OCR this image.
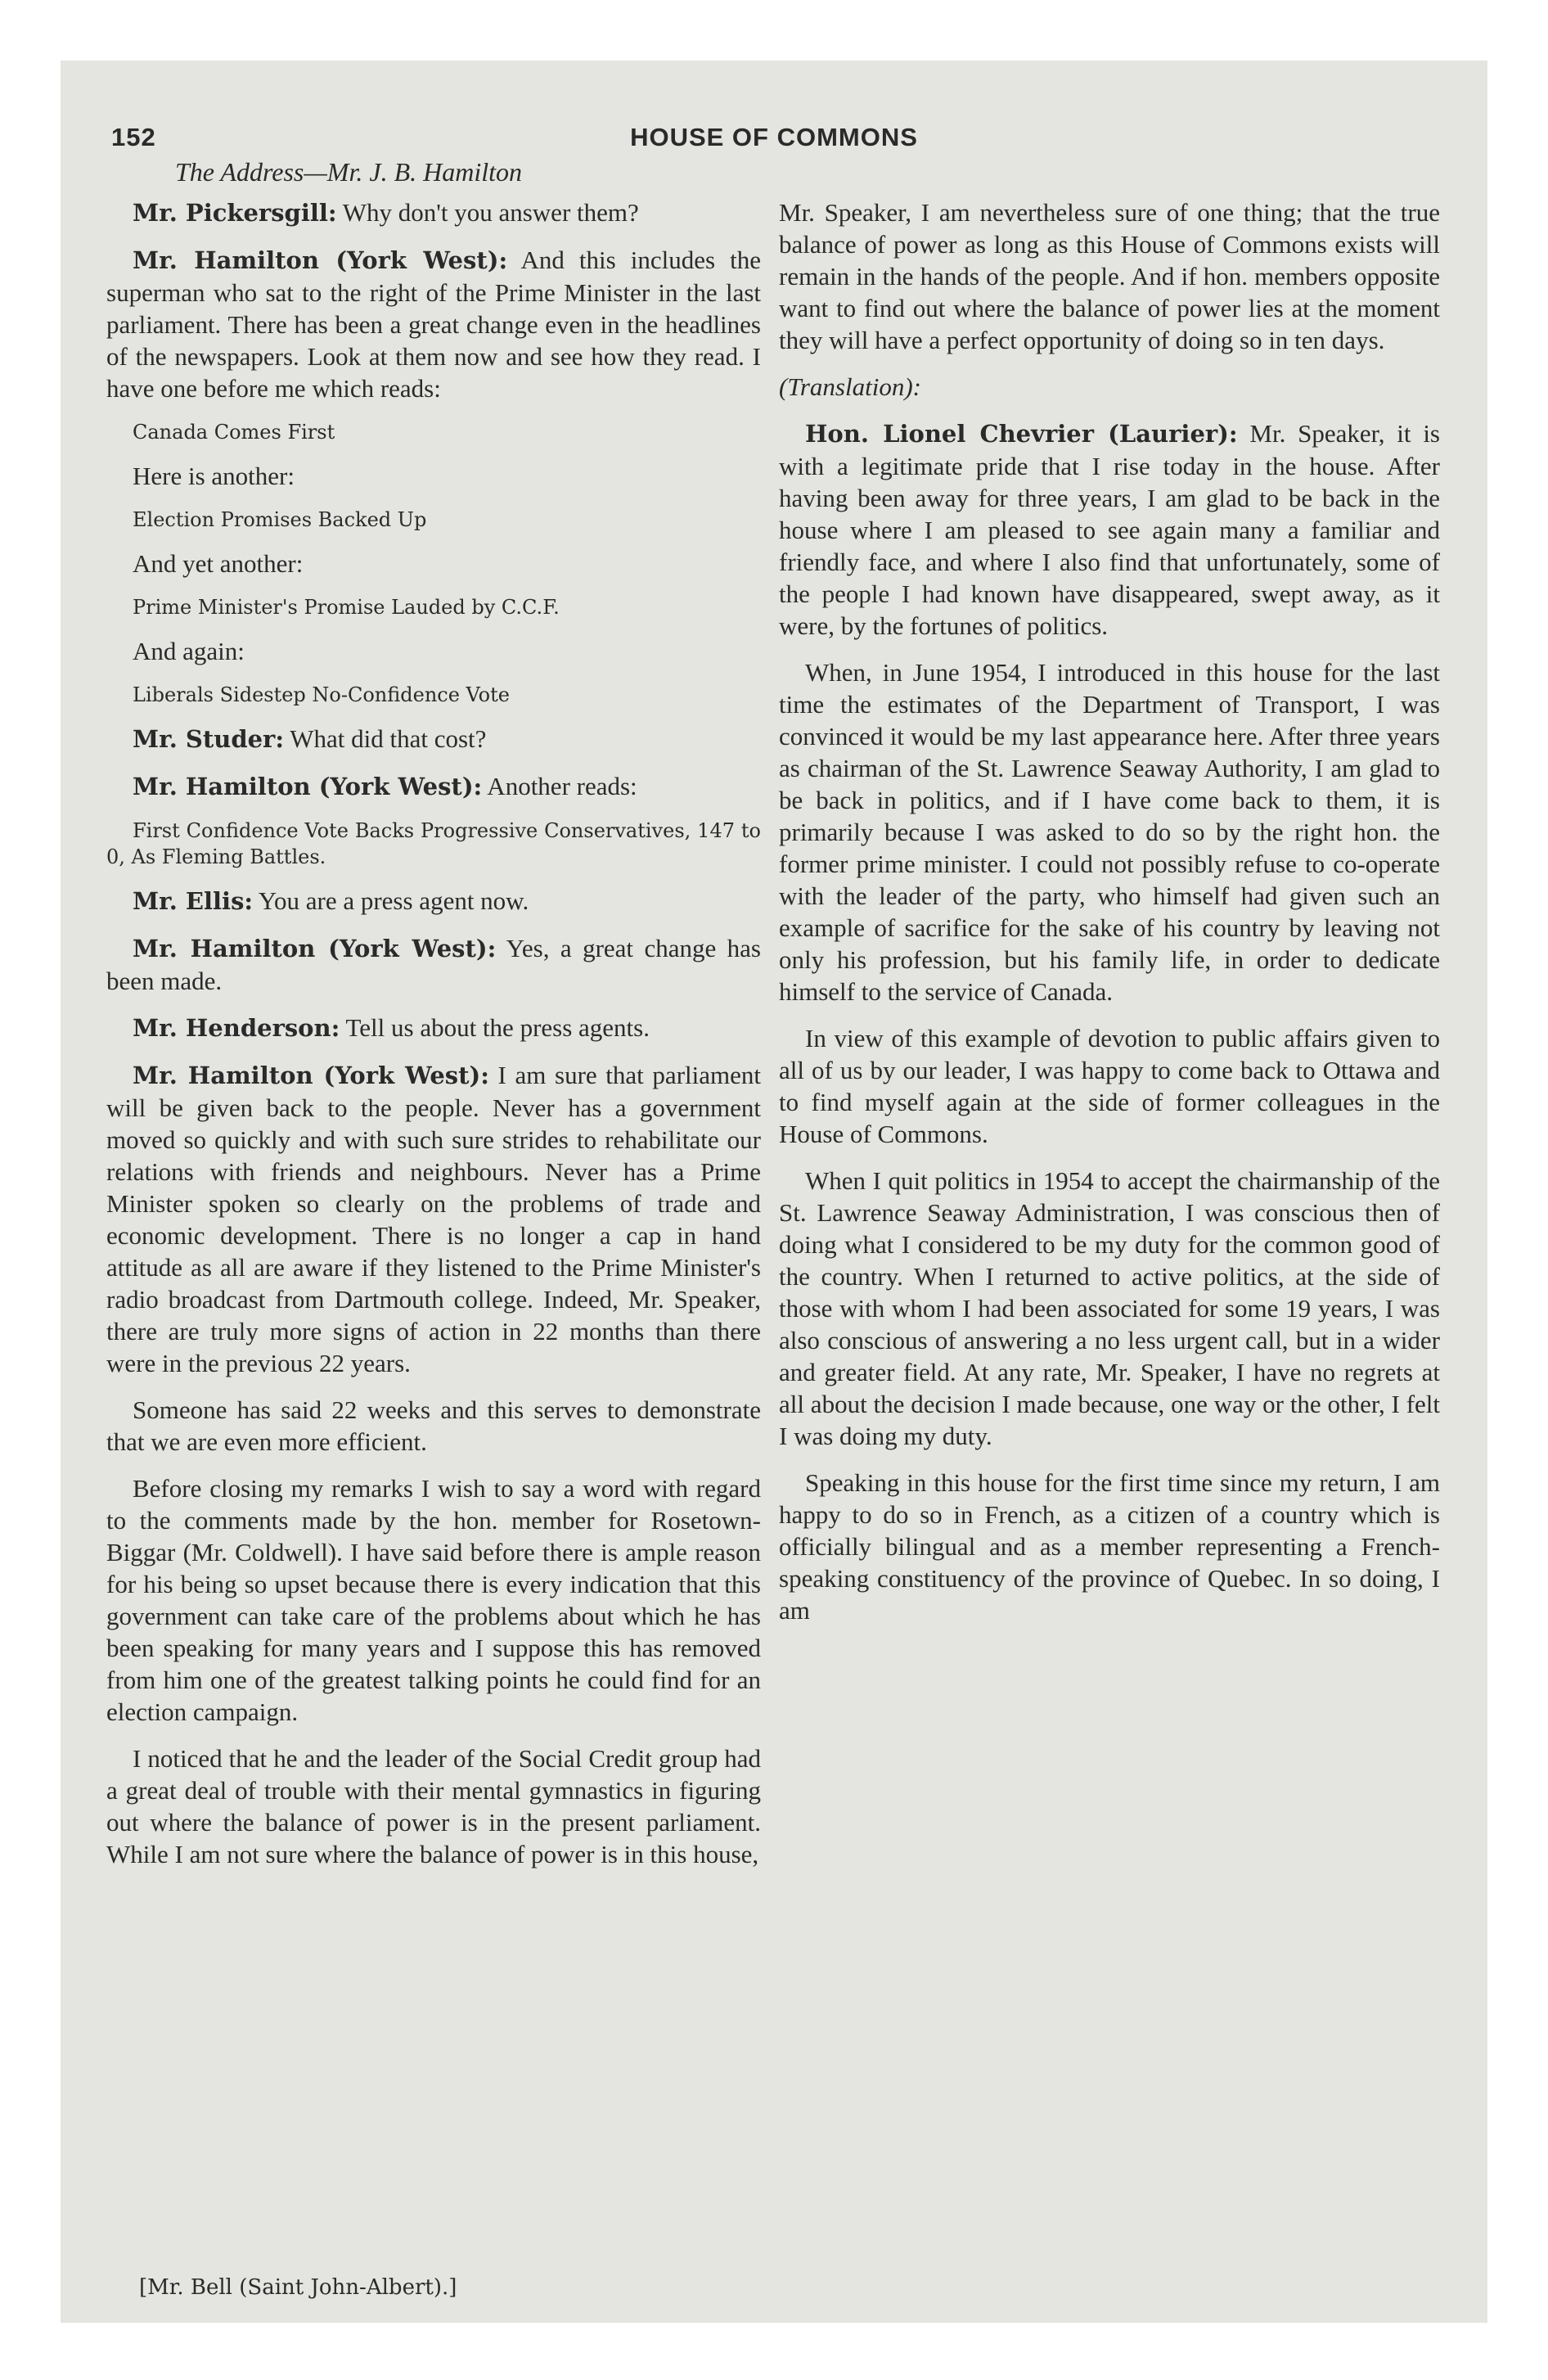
152	HOUSE OF COMMONS
The Address—Mr. J. B. Hamilton

Mr. Pickersgill: Why don't you answer them?

Mr. Hamilton (York West): And this includes the superman who sat to the right of the Prime Minister in the last parliament. There has been a great change even in the headlines of the newspapers. Look at them now and see how they read. I have one before me which reads:

Canada Comes First

Here is another:

Election Promises Backed Up

And yet another:

Prime Minister's Promise Lauded by C.C.F.

And again:

Liberals Sidestep No-Confidence Vote

Mr. Studer: What did that cost?

Mr. Hamilton (York West): Another reads:

First Confidence Vote Backs Progressive Conservatives, 147 to 0, As Fleming Battles.

Mr. Ellis: You are a press agent now.

Mr. Hamilton (York West): Yes, a great change has been made.

Mr. Henderson: Tell us about the press agents.

Mr. Hamilton (York West): I am sure that parliament will be given back to the people. Never has a government moved so quickly and with such sure strides to rehabilitate our relations with friends and neighbours. Never has a Prime Minister spoken so clearly on the problems of trade and economic development. There is no longer a cap in hand attitude as all are aware if they listened to the Prime Minister's radio broadcast from Dartmouth college. Indeed, Mr. Speaker, there are truly more signs of action in 22 months than there were in the previous 22 years.

Someone has said 22 weeks and this serves to demonstrate that we are even more efficient.

Before closing my remarks I wish to say a word with regard to the comments made by the hon. member for Rosetown-Biggar (Mr. Coldwell). I have said before there is ample reason for his being so upset because there is every indication that this government can take care of the problems about which he has been speaking for many years and I suppose this has removed from him one of the greatest talking points he could find for an election campaign.

I noticed that he and the leader of the Social Credit group had a great deal of trouble with their mental gymnastics in figuring out where the balance of power is in the present parliament. While I am not sure where the balance of power is in this house,

Mr. Speaker, I am nevertheless sure of one thing; that the true balance of power as long as this House of Commons exists will remain in the hands of the people. And if hon. members opposite want to find out where the balance of power lies at the moment they will have a perfect opportunity of doing so in ten days.

(Translation):

Hon. Lionel Chevrier (Laurier): Mr. Speaker, it is with a legitimate pride that I rise today in the house. After having been away for three years, I am glad to be back in the house where I am pleased to see again many a familiar and friendly face, and where I also find that unfortunately, some of the people I had known have disappeared, swept away, as it were, by the fortunes of politics.

When, in June 1954, I introduced in this house for the last time the estimates of the Department of Transport, I was convinced it would be my last appearance here. After three years as chairman of the St. Lawrence Seaway Authority, I am glad to be back in politics, and if I have come back to them, it is primarily because I was asked to do so by the right hon. the former prime minister. I could not possibly refuse to co-operate with the leader of the party, who himself had given such an example of sacrifice for the sake of his country by leaving not only his profession, but his family life, in order to dedicate himself to the service of Canada.

In view of this example of devotion to public affairs given to all of us by our leader, I was happy to come back to Ottawa and to find myself again at the side of former colleagues in the House of Commons.

When I quit politics in 1954 to accept the chairmanship of the St. Lawrence Seaway Administration, I was conscious then of doing what I considered to be my duty for the common good of the country. When I returned to active politics, at the side of those with whom I had been associated for some 19 years, I was also conscious of answering a no less urgent call, but in a wider and greater field. At any rate, Mr. Speaker, I have no regrets at all about the decision I made because, one way or the other, I felt I was doing my duty.

Speaking in this house for the first time since my return, I am happy to do so in French, as a citizen of a country which is officially bilingual and as a member representing a French-speaking constituency of the province of Quebec. In so doing, I am

[Mr. Bell (Saint John-Albert).]
